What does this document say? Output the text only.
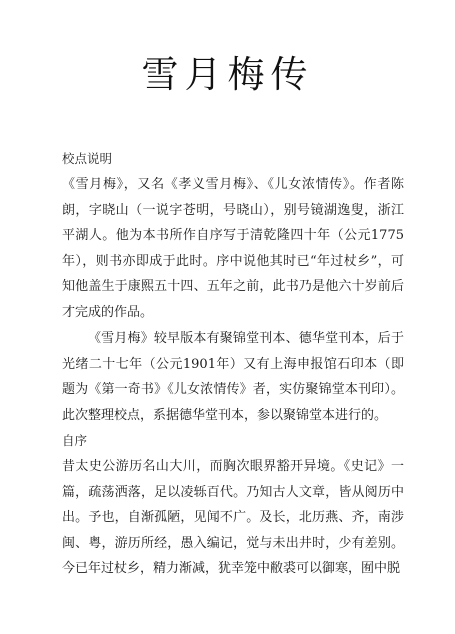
雪月梅传
校点说明

《雪月梅》，又名《孝义雪月梅》、《儿女浓情传》。作者陈朗，字晓山（一说字苍明，号晓山），别号镜湖逸叟，浙江平湖人。他为本书所作自序写于清乾隆四十年（公元1775年），则书亦即成于此时。序中说他其时已“年过杖乡”，可知他盖生于康熙五十四、五年之前，此书乃是他六十岁前后才完成的作品。

《雪月梅》较早版本有聚锦堂刊本、德华堂刊本，后于光绪二十七年（公元1901年）又有上海申报馆石印本（即题为《第一奇书》《儿女浓情传》者，实仿聚锦堂本刊印）。此次整理校点，系据德华堂刊本，参以聚锦堂本进行的。

自序

昔太史公游历名山大川，而胸次眼界豁开异境。《史记》一篇，疏荡洒落，足以凌轹百代。乃知古人文章，皆从阅历中出。予也，自渐孤陋，见闻不广。及长，北历燕、齐，南涉闽、粤，游历所经，愚入编记，觉与未出井时，少有差别。今已年过杖乡，精力渐减，犹幸笼中敝裘可以御寒，囿中脱
